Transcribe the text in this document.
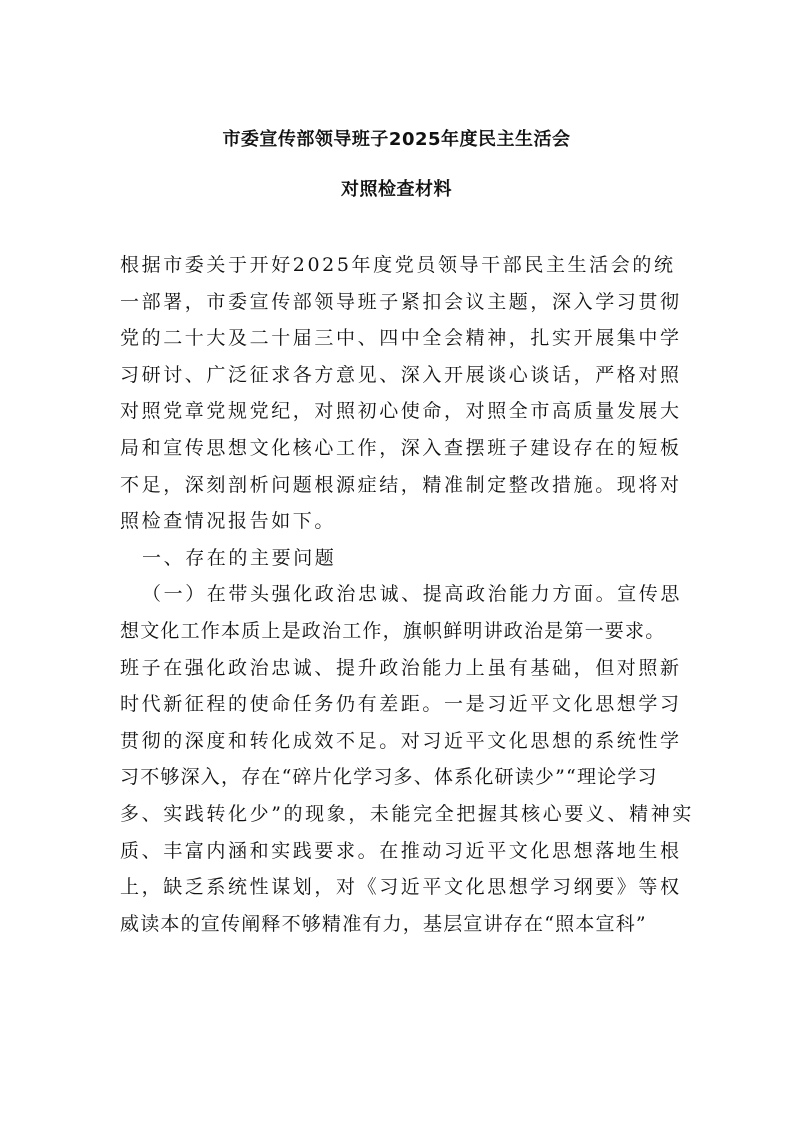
市委宣传部领导班子2025年度民主生活会
对照检查材料
根据市委关于开好2025年度党员领导干部民主生活会的统
一部署，市委宣传部领导班子紧扣会议主题，深入学习贯彻
党的二十大及二十届三中、四中全会精神，扎实开展集中学
习研讨、广泛征求各方意见、深入开展谈心谈话，严格对照
对照党章党规党纪，对照初心使命，对照全市高质量发展大
局和宣传思想文化核心工作，深入查摆班子建设存在的短板
不足，深刻剖析问题根源症结，精准制定整改措施。现将对
照检查情况报告如下。
一、存在的主要问题
（一）在带头强化政治忠诚、提高政治能力方面。宣传思
想文化工作本质上是政治工作，旗帜鲜明讲政治是第一要求。
班子在强化政治忠诚、提升政治能力上虽有基础，但对照新
时代新征程的使命任务仍有差距。一是习近平文化思想学习
贯彻的深度和转化成效不足。对习近平文化思想的系统性学
习不够深入，存在“碎片化学习多、体系化研读少”“理论学习
多、实践转化少”的现象，未能完全把握其核心要义、精神实
质、丰富内涵和实践要求。在推动习近平文化思想落地生根
上，缺乏系统性谋划，对《习近平文化思想学习纲要》等权
威读本的宣传阐释不够精准有力，基层宣讲存在“照本宣科”
